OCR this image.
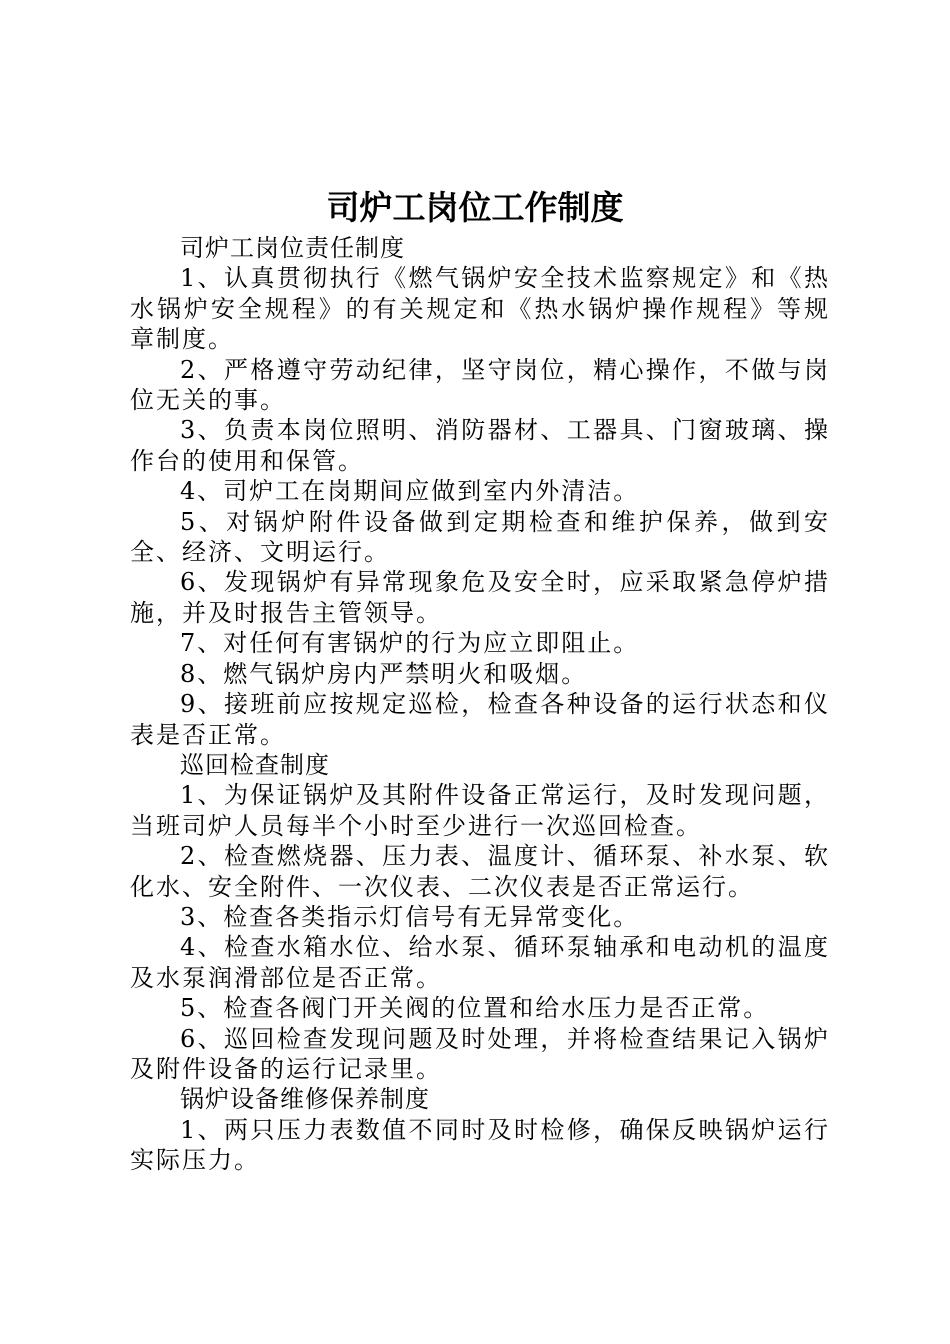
司炉工岗位工作制度

司炉工岗位责任制度

1、认真贯彻执行《燃气锅炉安全技术监察规定》和《热水锅炉安全规程》的有关规定和《热水锅炉操作规程》等规章制度。

2、严格遵守劳动纪律，坚守岗位，精心操作，不做与岗位无关的事。

3、负责本岗位照明、消防器材、工器具、门窗玻璃、操作台的使用和保管。

4、司炉工在岗期间应做到室内外清洁。

5、对锅炉附件设备做到定期检查和维护保养，做到安全、经济、文明运行。

6、发现锅炉有异常现象危及安全时，应采取紧急停炉措施，并及时报告主管领导。

7、对任何有害锅炉的行为应立即阻止。

8、燃气锅炉房内严禁明火和吸烟。

9、接班前应按规定巡检，检查各种设备的运行状态和仪表是否正常。

巡回检查制度

1、为保证锅炉及其附件设备正常运行，及时发现问题，当班司炉人员每半个小时至少进行一次巡回检查。

2、检查燃烧器、压力表、温度计、循环泵、补水泵、软化水、安全附件、一次仪表、二次仪表是否正常运行。

3、检查各类指示灯信号有无异常变化。

4、检查水箱水位、给水泵、循环泵轴承和电动机的温度及水泵润滑部位是否正常。

5、检查各阀门开关阀的位置和给水压力是否正常。

6、巡回检查发现问题及时处理，并将检查结果记入锅炉及附件设备的运行记录里。

锅炉设备维修保养制度

1、两只压力表数值不同时及时检修，确保反映锅炉运行实际压力。
